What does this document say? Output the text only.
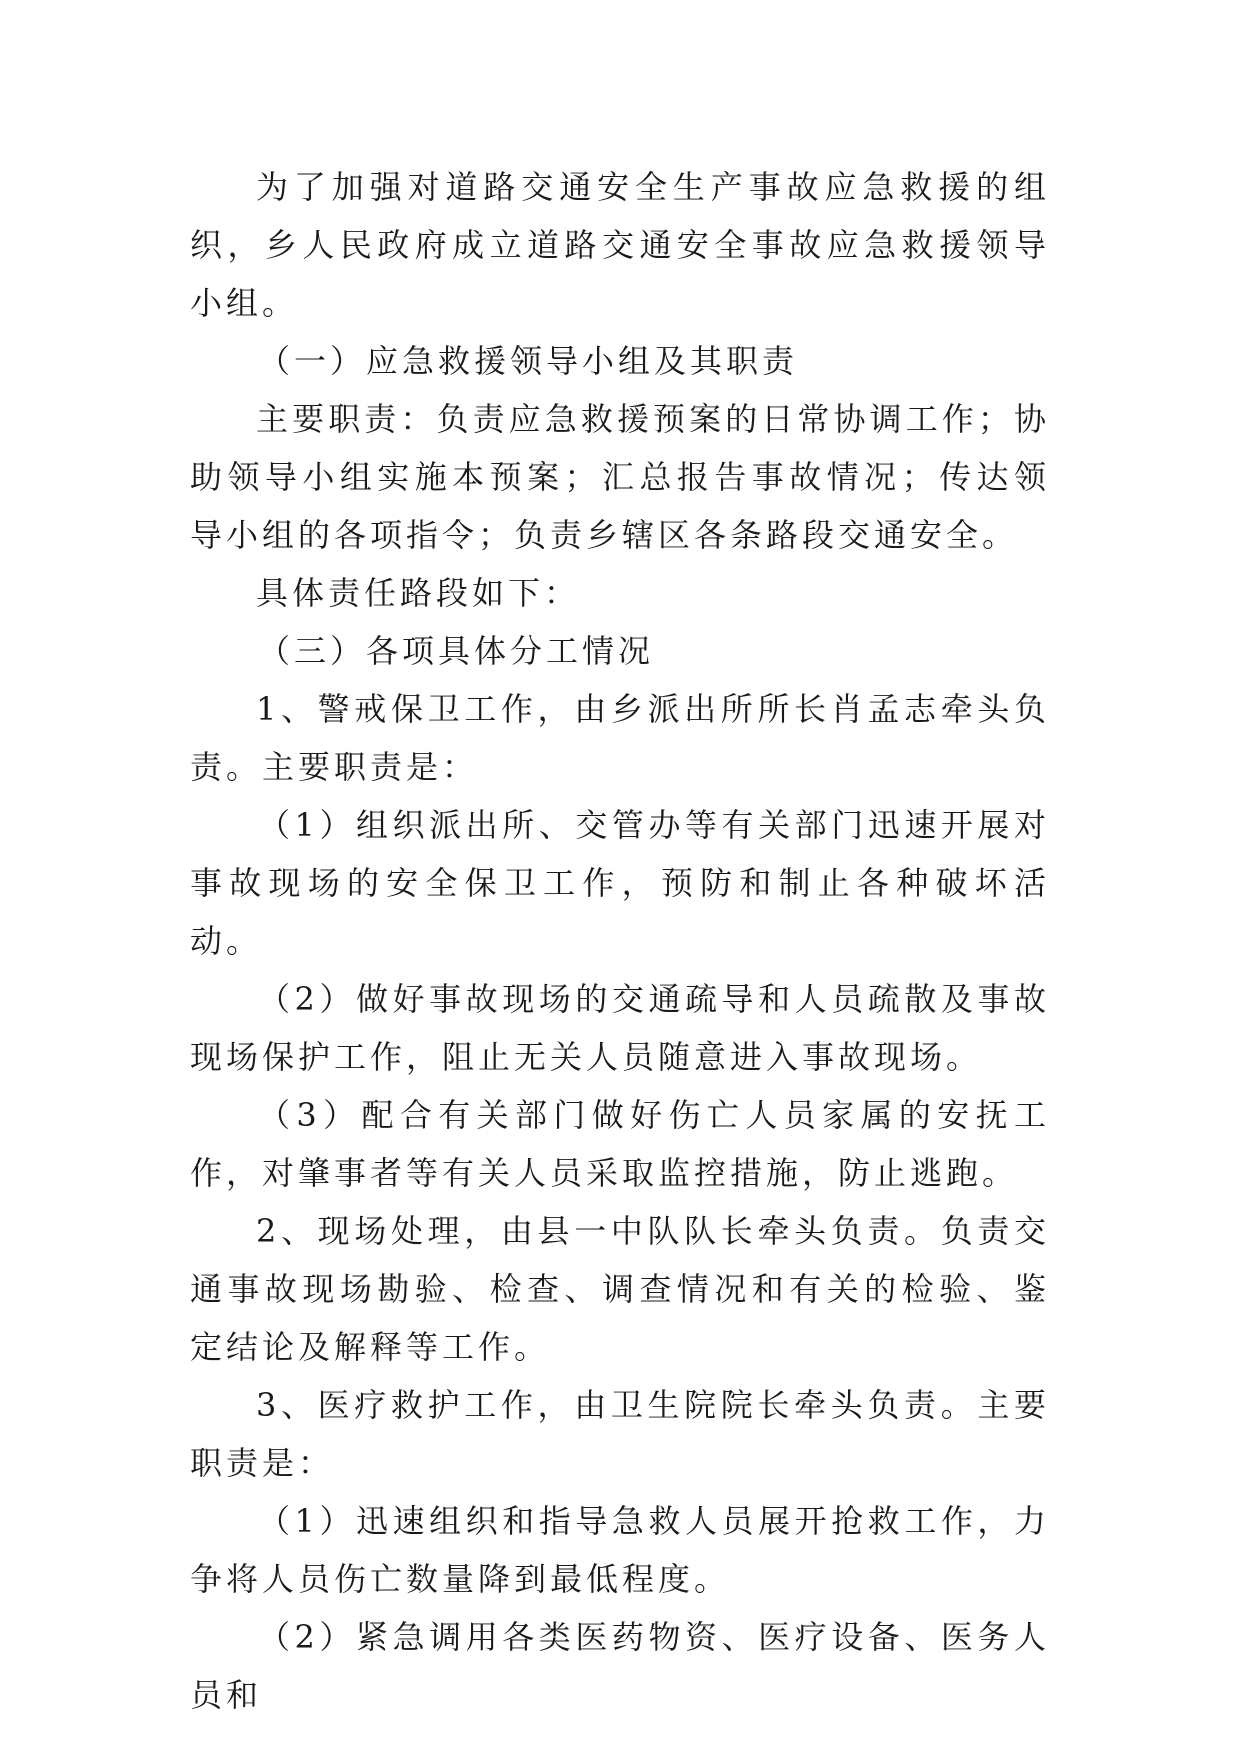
为了加强对道路交通安全生产事故应急救援的组织，乡人民政府成立道路交通安全事故应急救援领导小组。

（一）应急救援领导小组及其职责

主要职责：负责应急救援预案的日常协调工作；协助领导小组实施本预案；汇总报告事故情况；传达领导小组的各项指令；负责乡辖区各条路段交通安全。

具体责任路段如下：

（三）各项具体分工情况

1、警戒保卫工作，由乡派出所所长肖孟志牵头负责。主要职责是：

（1）组织派出所、交管办等有关部门迅速开展对事故现场的安全保卫工作，预防和制止各种破坏活动。

（2）做好事故现场的交通疏导和人员疏散及事故现场保护工作，阻止无关人员随意进入事故现场。

（3）配合有关部门做好伤亡人员家属的安抚工作，对肇事者等有关人员采取监控措施，防止逃跑。

2、现场处理，由县一中队队长牵头负责。负责交通事故现场勘验、检查、调查情况和有关的检验、鉴定结论及解释等工作。

3、医疗救护工作，由卫生院院长牵头负责。主要职责是：

（1）迅速组织和指导急救人员展开抢救工作，力争将人员伤亡数量降到最低程度。

（2）紧急调用各类医药物资、医疗设备、医务人员和
